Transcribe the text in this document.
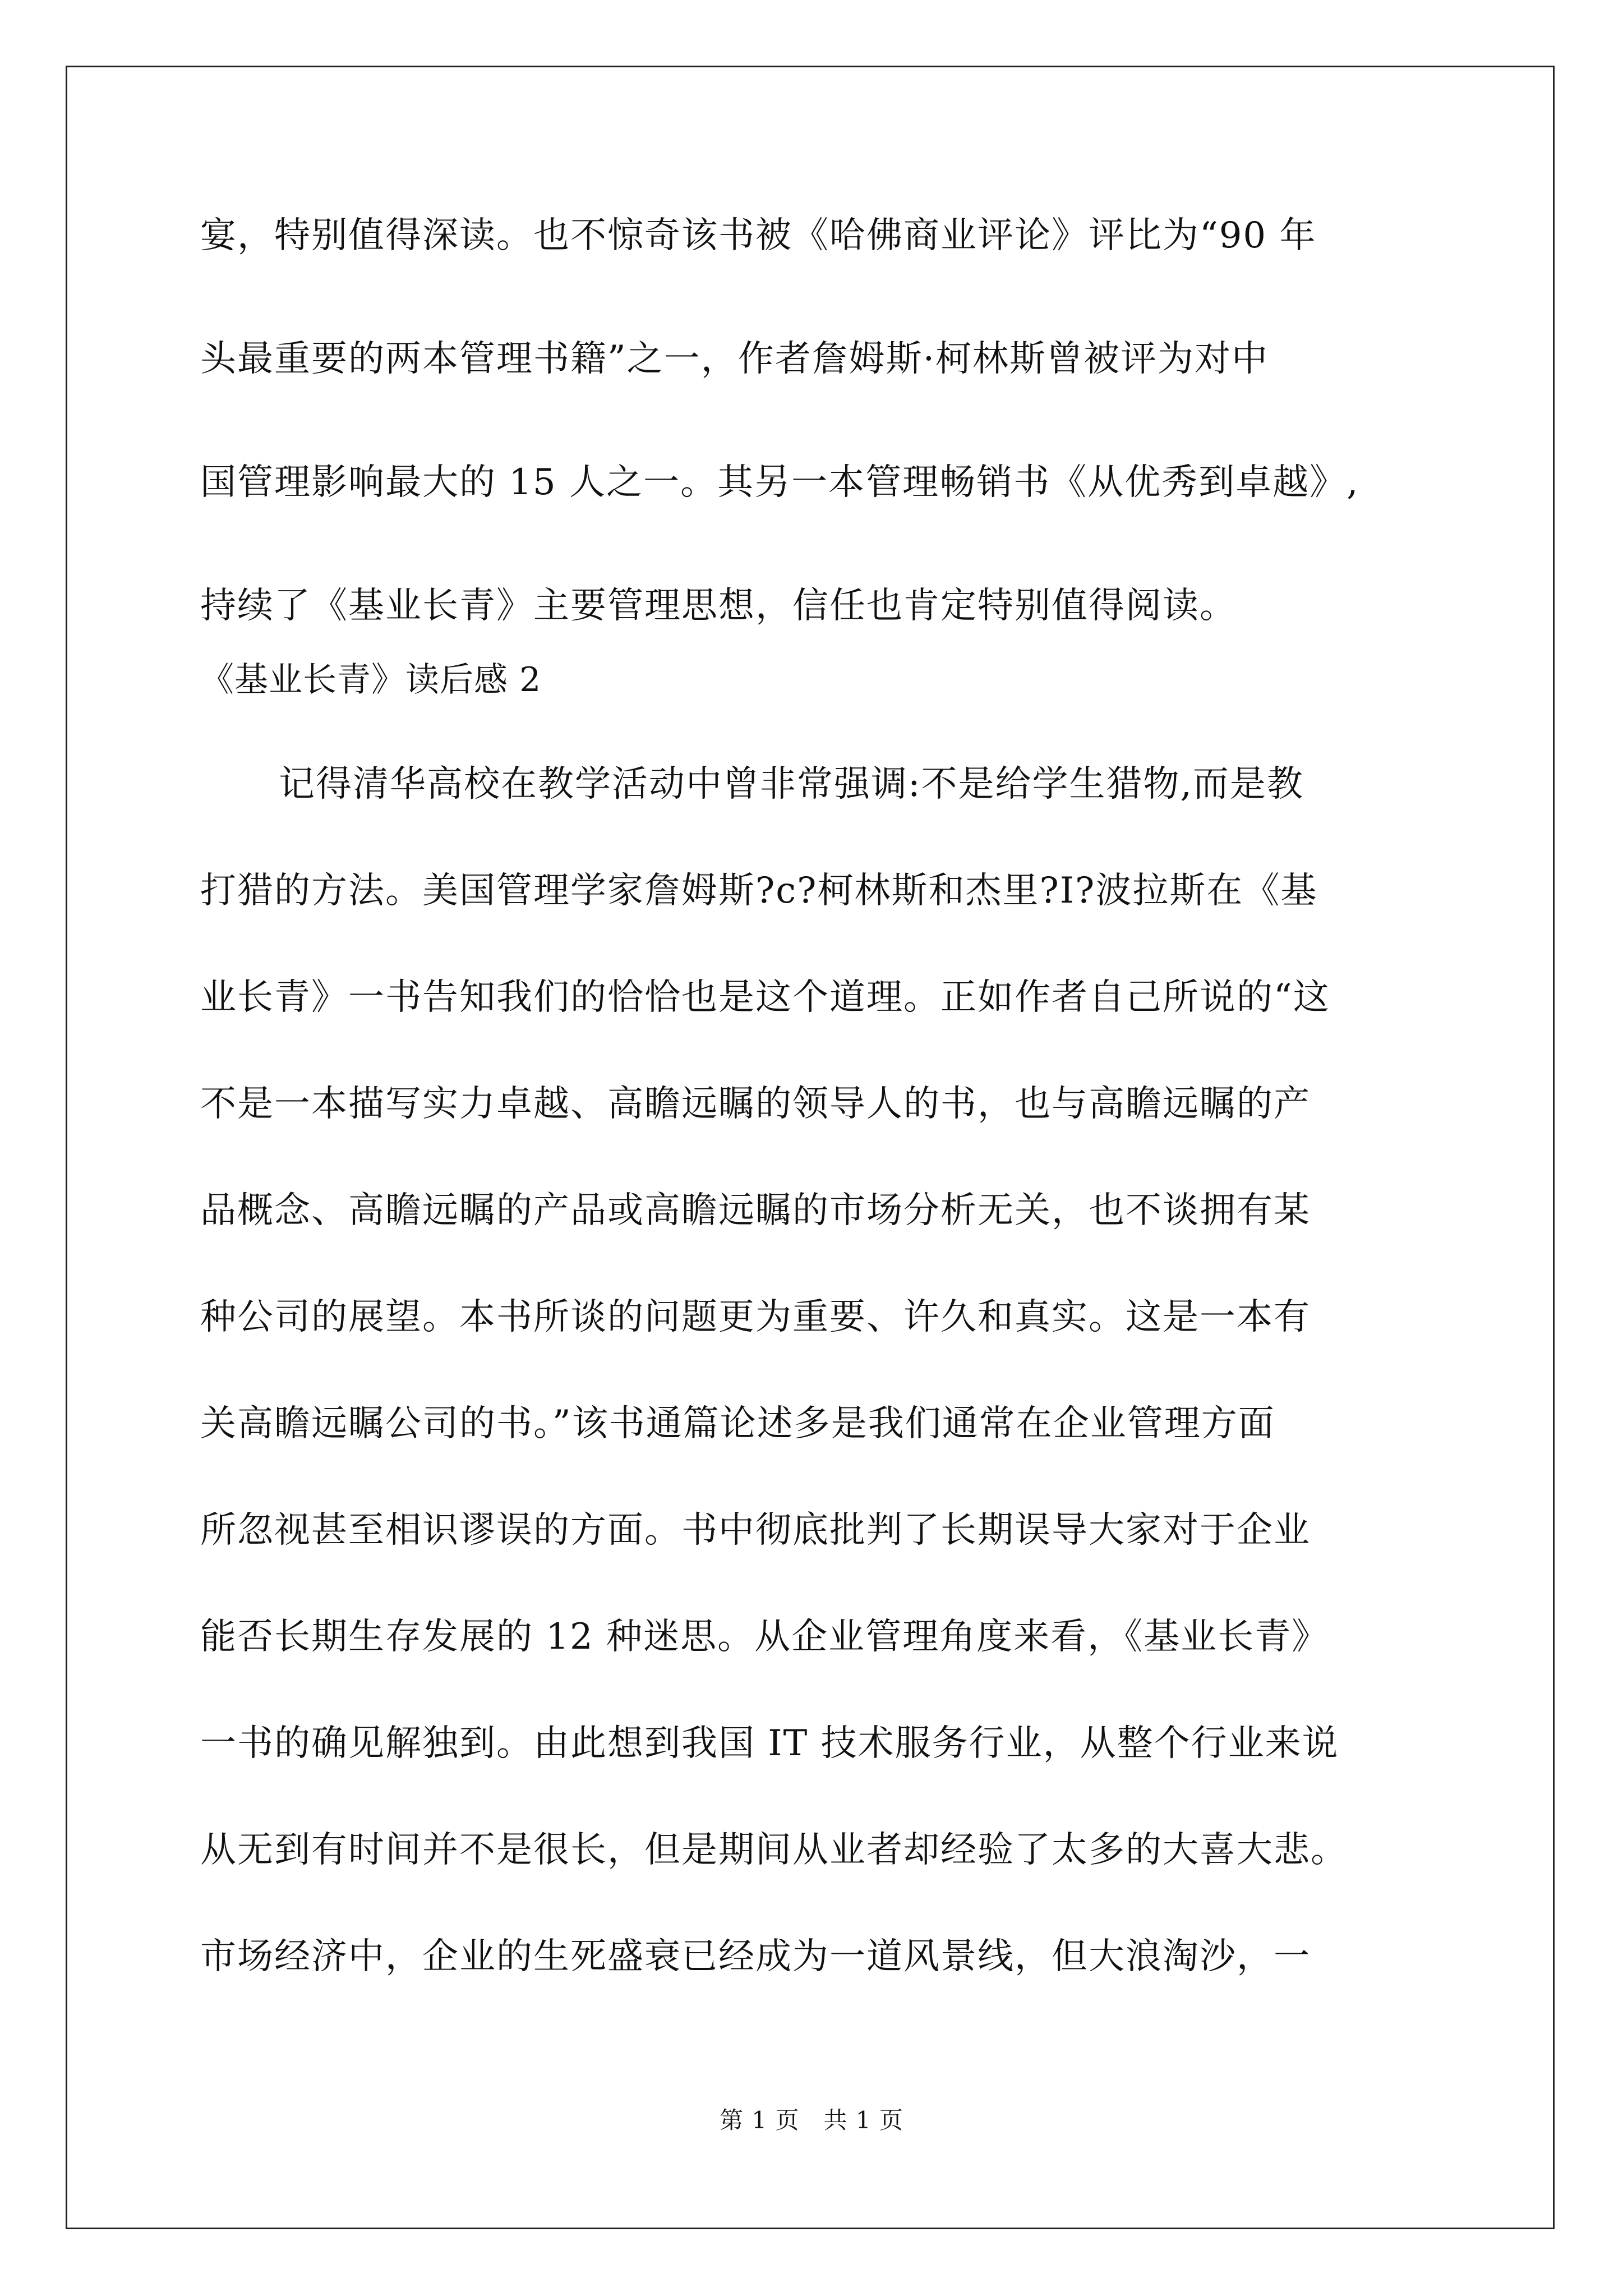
宴，特别值得深读。也不惊奇该书被《哈佛商业评论》评比为“90 年
头最重要的两本管理书籍”之一，作者詹姆斯·柯林斯曾被评为对中
国管理影响最大的 15 人之一。其另一本管理畅销书《从优秀到卓越》,
持续了《基业长青》主要管理思想，信任也肯定特别值得阅读。
《基业长青》读后感 2
记得清华高校在教学活动中曾非常强调:不是给学生猎物,而是教
打猎的方法。美国管理学家詹姆斯?c?柯林斯和杰里?I?波拉斯在《基
业长青》一书告知我们的恰恰也是这个道理。正如作者自己所说的“这
不是一本描写实力卓越、高瞻远瞩的领导人的书，也与高瞻远瞩的产
品概念、高瞻远瞩的产品或高瞻远瞩的市场分析无关，也不谈拥有某
种公司的展望。本书所谈的问题更为重要、许久和真实。这是一本有
关高瞻远瞩公司的书。”该书通篇论述多是我们通常在企业管理方面
所忽视甚至相识谬误的方面。书中彻底批判了长期误导大家对于企业
能否长期生存发展的 12 种迷思。从企业管理角度来看，《基业长青》
一书的确见解独到。由此想到我国 IT 技术服务行业，从整个行业来说
从无到有时间并不是很长，但是期间从业者却经验了太多的大喜大悲。
市场经济中，企业的生死盛衰已经成为一道风景线，但大浪淘沙，一
第 1 页　共 1 页
